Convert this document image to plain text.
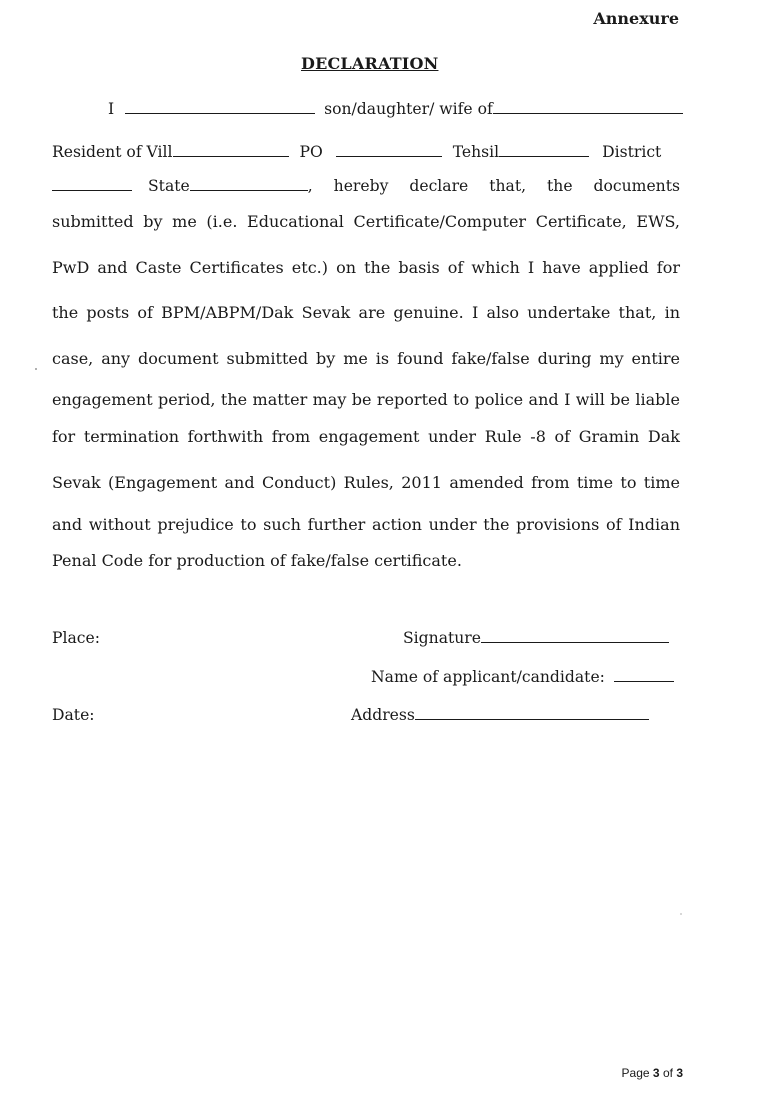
Annexure
DECLARATION
I	son/daughter/ wife of
Resident of Vill	PO	Tehsil	District
State	, hereby declare that, the documents
submitted by me (i.e. Educational Certificate/Computer Certificate, EWS,
PwD and Caste Certificates etc.) on the basis of which I have applied for
the posts of BPM/ABPM/Dak Sevak are genuine. I also undertake that, in
case, any document submitted by me is found fake/false during my entire
engagement period, the matter may be reported to police and I will be liable
for termination forthwith from engagement under Rule -8 of Gramin Dak
Sevak (Engagement and Conduct) Rules, 2011 amended from time to time
and without prejudice to such further action under the provisions of Indian
Penal Code for production of fake/false certificate.
Place:	Signature
Name of applicant/candidate:
Date:	Address
Page 3 of 3
